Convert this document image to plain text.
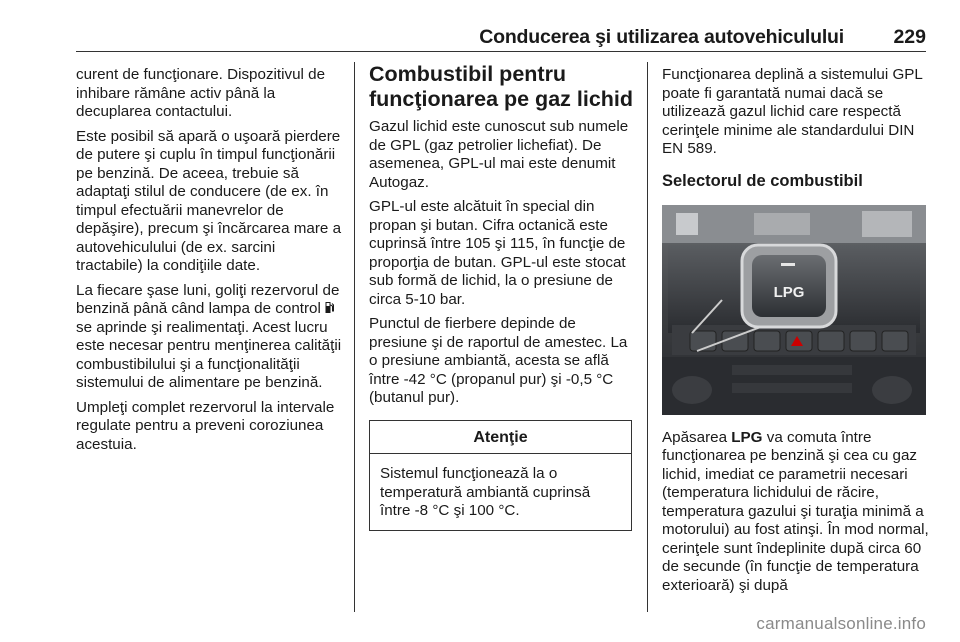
Conducerea şi utilizarea autovehiculului	229

curent de funcţionare. Dispozitivul de inhibare rămâne activ până la decuplarea contactului.

Este posibil să apară o uşoară pierdere de putere şi cuplu în timpul funcţionării pe benzină. De aceea, trebuie să adaptaţi stilul de conducere (de ex. în timpul efectuării manevrelor de depăşire), precum şi încărcarea mare a autovehiculului (de ex. sarcini tractabile) la condiţiile date.

La fiecare şase luni, goliţi rezervorul de benzină până când lampa de control  se aprinde şi realimentaţi. Acest lucru este necesar pentru menţinerea calităţii combustibilului şi a funcţionalităţii sistemului de alimentare pe benzină.

Umpleţi complet rezervorul la intervale regulate pentru a preveni coroziunea acestuia.

Combustibil pentru funcţionarea pe gaz lichid

Gazul lichid este cunoscut sub numele de GPL (gaz petrolier lichefiat). De asemenea, GPL-ul mai este denumit Autogaz.

GPL-ul este alcătuit în special din propan şi butan. Cifra octanică este cuprinsă între 105 şi 115, în funcţie de proporţia de butan. GPL-ul este stocat sub formă de lichid, la o presiune de circa 5-10 bar.

Punctul de fierbere depinde de presiune şi de raportul de amestec. La o presiune ambiantă, acesta se află între -42 °C (propanul pur) şi -0,5 °C (butanul pur).

Atenţie
Sistemul funcţionează la o temperatură ambiantă cuprinsă între -8 °C şi 100 °C.

Funcţionarea deplină a sistemului GPL poate fi garantată numai dacă se utilizează gazul lichid care respectă cerinţele minime ale standardului DIN EN 589.

Selectorul de combustibil
LPG

Apăsarea LPG va comuta între funcţionarea pe benzină şi cea cu gaz lichid, imediat ce parametrii necesari (temperatura lichidului de răcire, temperatura gazului şi turaţia minimă a motorului) au fost atinşi. În mod normal, cerinţele sunt îndeplinite după circa 60 de secunde (în funcţie de temperatura exterioară) şi după

carmanualsonline.info
